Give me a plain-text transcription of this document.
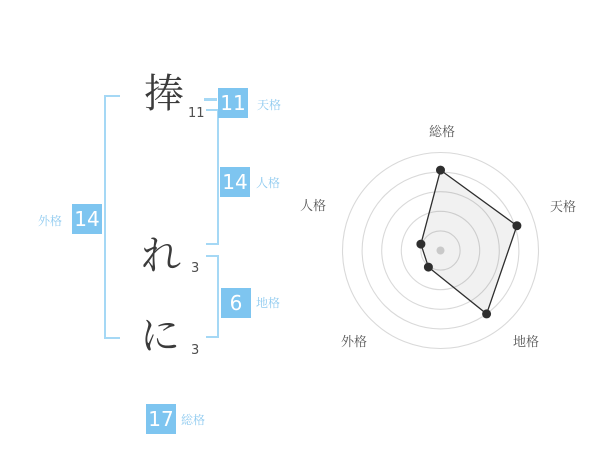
捧 11
れ 3
に 3
11 天格
14 人格
6	地格
14
外格
17 総格
総格
天格
地格
外格
人格
